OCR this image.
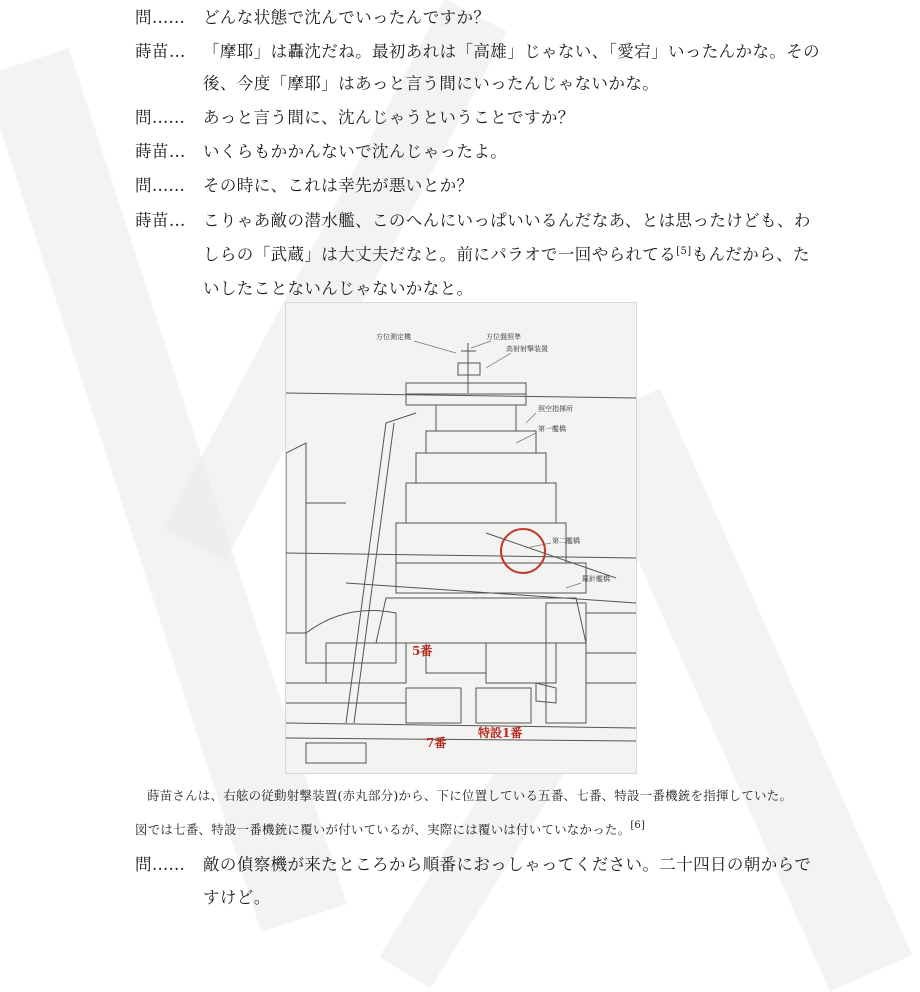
問…… どんな状態で沈んでいったんですか？
蒔苗… 「摩耶」は轟沈だね。最初あれは「高雄」じゃない、「愛宕」いったんかな。その
後、今度「摩耶」はあっと言う間にいったんじゃないかな。
問…… あっと言う間に、沈んじゃうということですか？
蒔苗… いくらもかかんないで沈んじゃったよ。
問…… その時に、これは幸先が悪いとか？
蒔苗… こりゃあ敵の潜水艦、このへんにいっぱいいるんだなあ、とは思ったけども、わ
しらの「武蔵」は大丈夫だなと。前にパラオで一回やられてる[5]もんだから、た
いしたことないんじゃないかなと。
方位測定機	方位盤照準
高射射撃装置
照空指揮所
第一艦橋
第二艦橋
羅針艦橋
5番
7番
特設1番
蒔苗さんは、右舷の従動射撃装置(赤丸部分)から、下に位置している五番、七番、特設一番機銃を指揮していた。
図では七番、特設一番機銃に覆いが付いているが、実際には覆いは付いていなかった。[6]
問…… 敵の偵察機が来たところから順番におっしゃってください。二十四日の朝からで
すけど。
